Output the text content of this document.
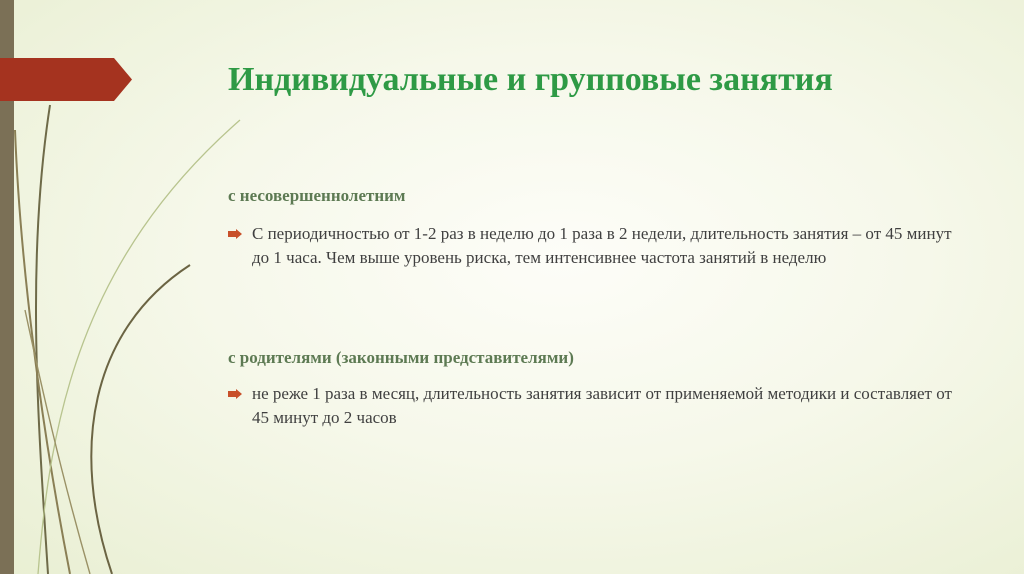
Индивидуальные и групповые занятия
с несовершеннолетним
С периодичностью от 1-2 раз в неделю до 1 раза в 2 недели, длительность занятия – от 45 минут до 1 часа. Чем выше уровень риска, тем интенсивнее частота занятий в неделю
с родителями (законными представителями)
не реже 1 раза в месяц, длительность занятия зависит от применяемой методики и составляет от 45 минут до 2 часов
